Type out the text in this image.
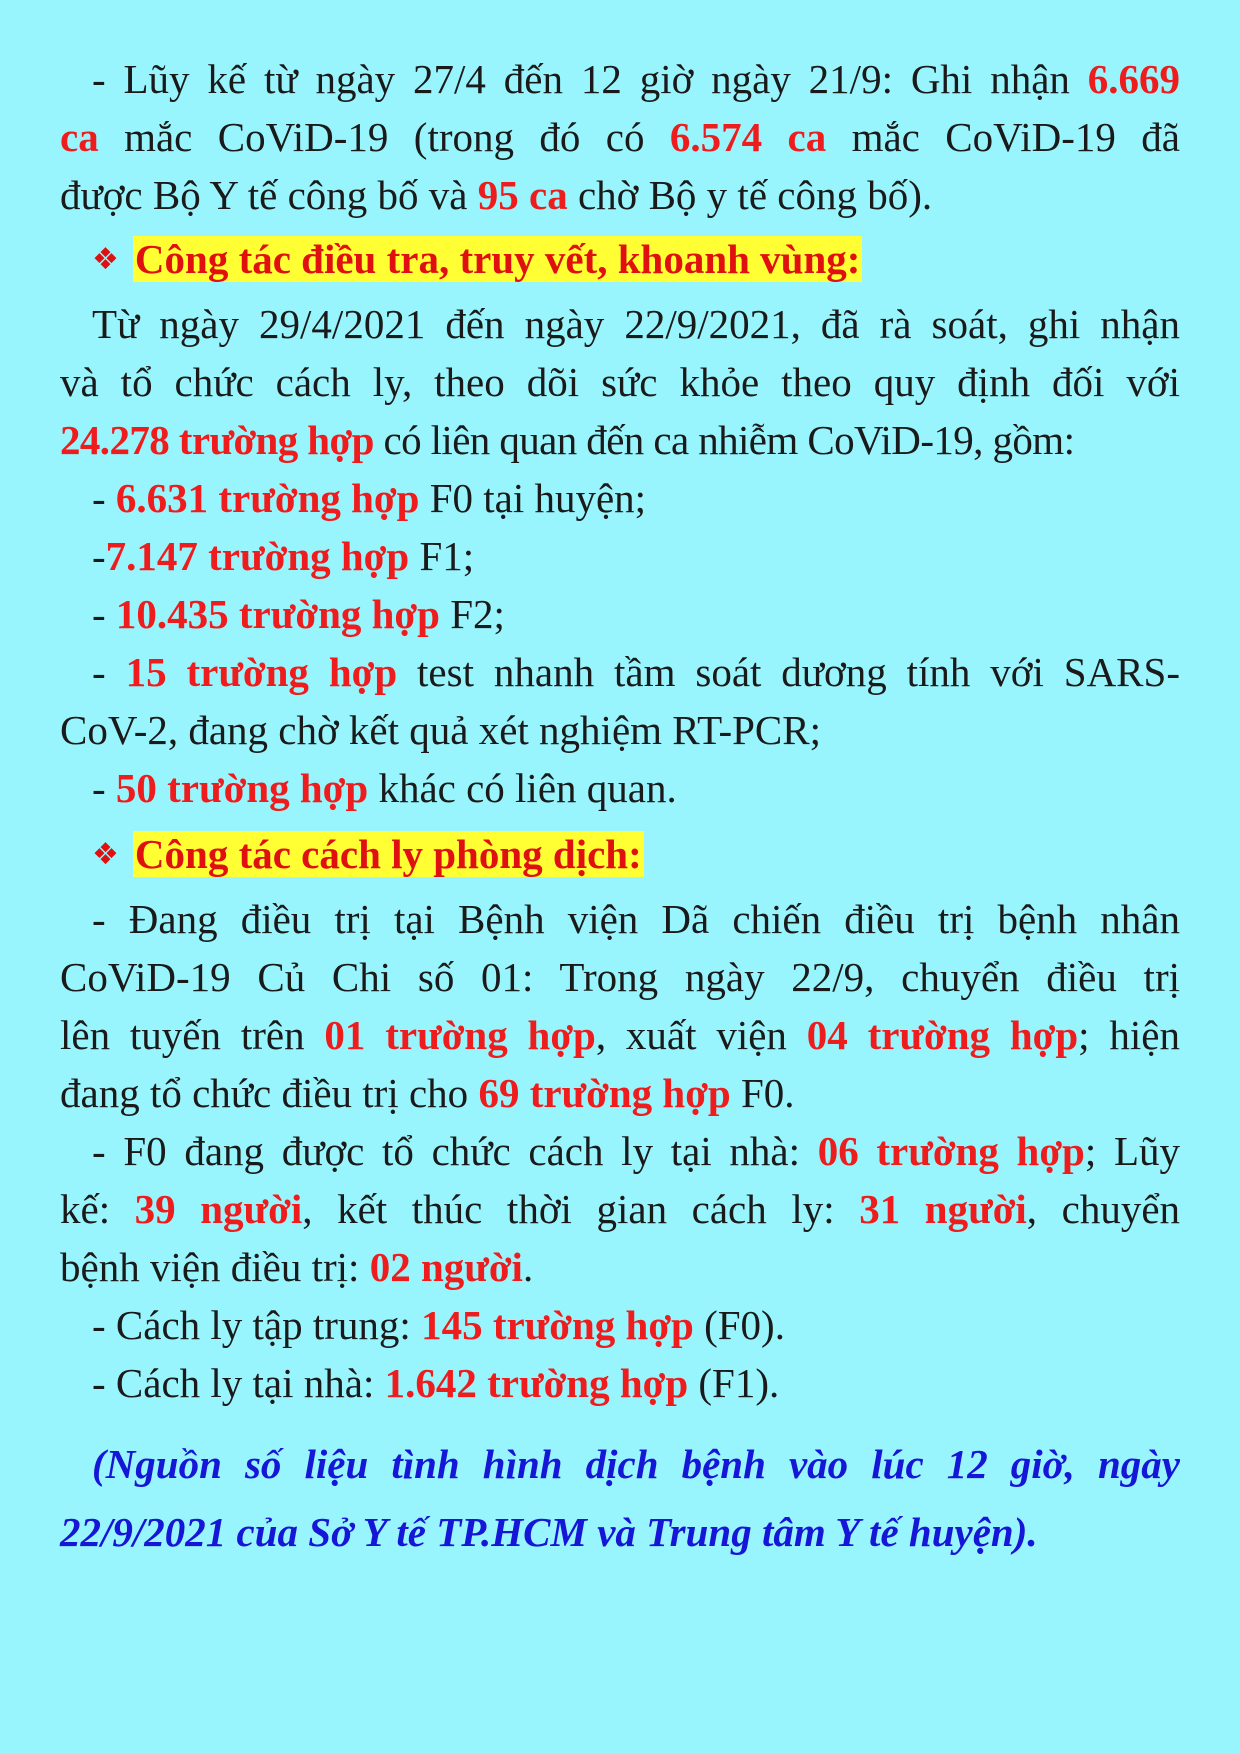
- Lũy kế từ ngày 27/4 đến 12 giờ ngày 21/9: Ghi nhận 6.669
ca mắc CoViD-19 (trong đó có 6.574 ca mắc CoViD-19 đã
được Bộ Y tế công bố và 95 ca chờ Bộ y tế công bố).

❖ Công tác điều tra, truy vết, khoanh vùng:

Từ ngày 29/4/2021 đến ngày 22/9/2021, đã rà soát, ghi nhận
và tổ chức cách ly, theo dõi sức khỏe theo quy định đối với
24.278 trường hợp có liên quan đến ca nhiễm CoViD-19, gồm:

- 6.631 trường hợp F0 tại huyện;
-7.147 trường hợp F1;
- 10.435 trường hợp F2;
- 15 trường hợp test nhanh tầm soát dương tính với SARS-
CoV-2, đang chờ kết quả xét nghiệm RT-PCR;
- 50 trường hợp khác có liên quan.

❖ Công tác cách ly phòng dịch:

- Đang điều trị tại Bệnh viện Dã chiến điều trị bệnh nhân
CoViD-19 Củ Chi số 01: Trong ngày 22/9, chuyển điều trị
lên tuyến trên 01 trường hợp, xuất viện 04 trường hợp; hiện
đang tổ chức điều trị cho 69 trường hợp F0.

- F0 đang được tổ chức cách ly tại nhà: 06 trường hợp; Lũy
kế: 39 người, kết thúc thời gian cách ly: 31 người, chuyển
bệnh viện điều trị: 02 người.

- Cách ly tập trung: 145 trường hợp (F0).

- Cách ly tại nhà: 1.642 trường hợp (F1).

(Nguồn số liệu tình hình dịch bệnh vào lúc 12 giờ, ngày
22/9/2021 của Sở Y tế TP.HCM và Trung tâm Y tế huyện).
